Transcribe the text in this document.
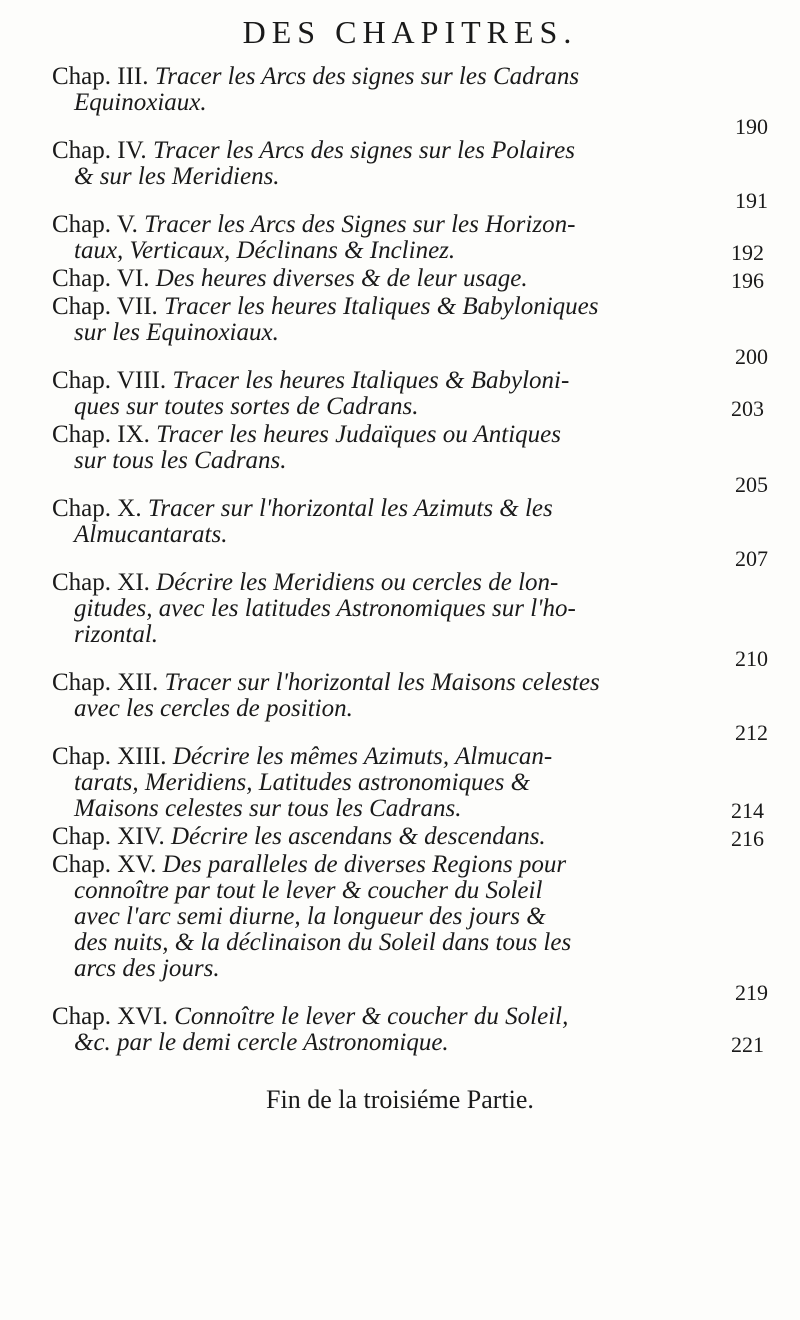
DES CHAPITRES.
Chap. III. Tracer les Arcs des signes sur les Cadrans
Equinoxiaux.
190
Chap. IV. Tracer les Arcs des signes sur les Polaires
& sur les Meridiens.
191
Chap. V. Tracer les Arcs des Signes sur les Horizon-
taux, Verticaux, Déclinans & Inclinez.	192
Chap. VI. Des heures diverses & de leur usage.	196
Chap. VII. Tracer les heures Italiques & Babyloniques
sur les Equinoxiaux.
200
Chap. VIII. Tracer les heures Italiques & Babyloni-
ques sur toutes sortes de Cadrans.	203
Chap. IX. Tracer les heures Judaïques ou Antiques
sur tous les Cadrans.
205
Chap. X. Tracer sur l'horizontal les Azimuts & les
Almucantarats.
207
Chap. XI. Décrire les Meridiens ou cercles de lon-
gitudes, avec les latitudes Astronomiques sur l'ho-
rizontal.
210
Chap. XII. Tracer sur l'horizontal les Maisons celestes
avec les cercles de position.
212
Chap. XIII. Décrire les mêmes Azimuts, Almucan-
tarats, Meridiens, Latitudes astronomiques &
Maisons celestes sur tous les Cadrans.	214
Chap. XIV. Décrire les ascendans & descendans.	216
Chap. XV. Des paralleles de diverses Regions pour
connoître par tout le lever & coucher du Soleil
avec l'arc semi diurne, la longueur des jours &
des nuits, & la déclinaison du Soleil dans tous les
arcs des jours.
219
Chap. XVI. Connoître le lever & coucher du Soleil,
&c. par le demi cercle Astronomique.	221
Fin de la troisiéme Partie.
